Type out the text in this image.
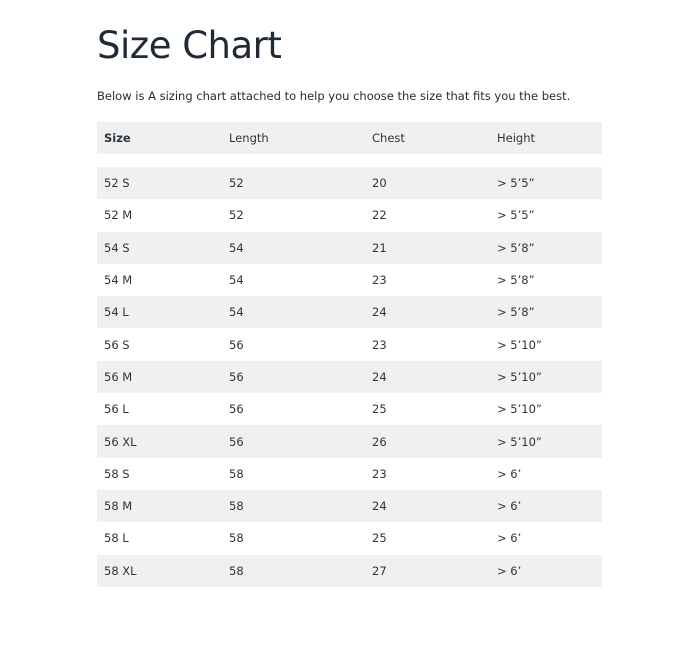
Size Chart
Below is A sizing chart attached to help you choose the size that fits you the best.
Size	Length	Chest	Height

52 S	52	20	> 5’5”
52 M	52	22	> 5’5”
54 S	54	21	> 5’8”
54 M	54	23	> 5’8”
54 L	54	24	> 5’8”
56 S	56	23	> 5’10”
56 M	56	24	> 5’10”
56 L	56	25	> 5’10”
56 XL	56	26	> 5’10”
58 S	58	23	> 6’
58 M	58	24	> 6’
58 L	58	25	> 6’
58 XL	58	27	> 6’
